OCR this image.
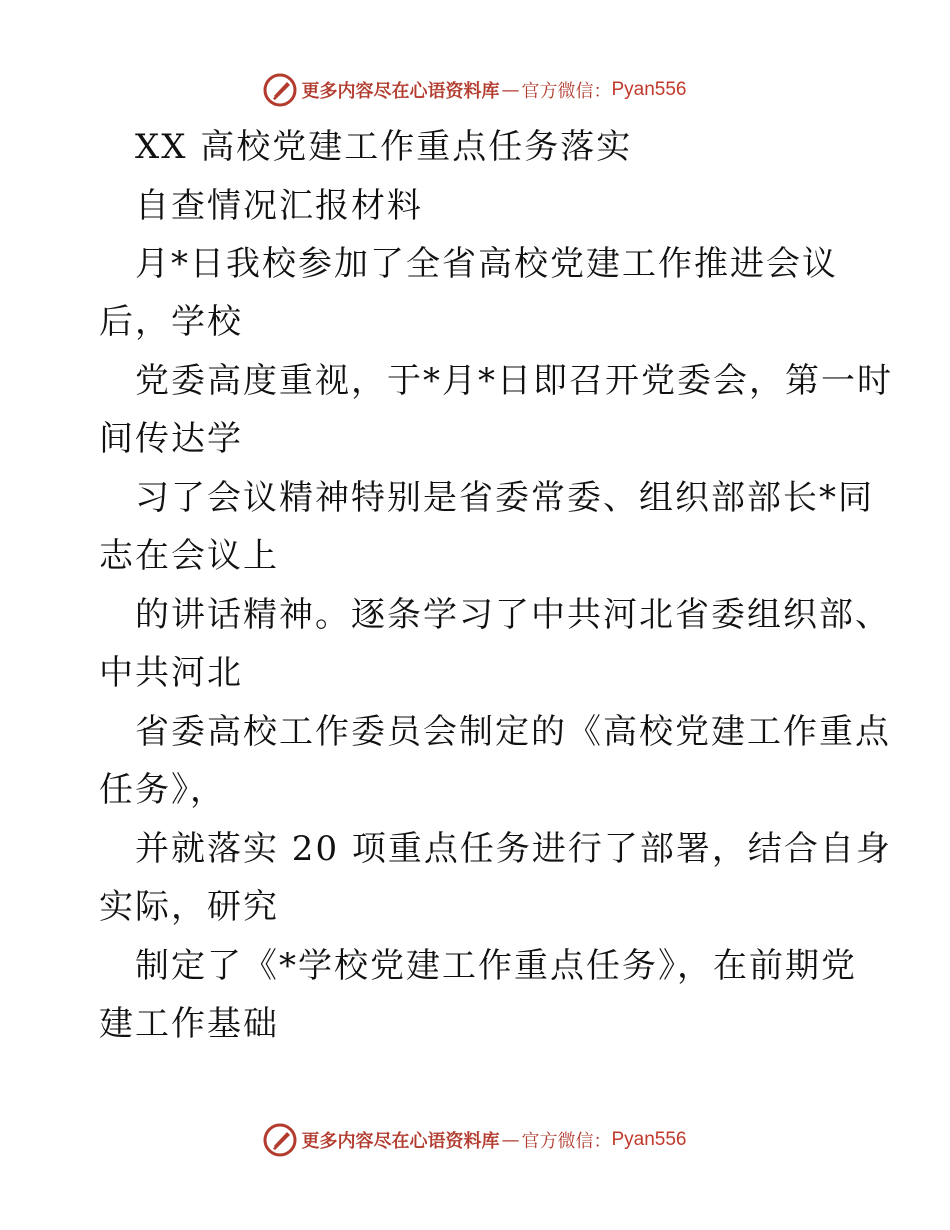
更多内容尽在心语资料库 — 官方微信： Pyan556
XX 高校党建工作重点任务落实
自查情况汇报材料
月*日我校参加了全省高校党建工作推进会议
后，学校
党委高度重视，于*月*日即召开党委会，第一时
间传达学
习了会议精神特别是省委常委、组织部部长*同
志在会议上
的讲话精神。逐条学习了中共河北省委组织部、
中共河北
省委高校工作委员会制定的《高校党建工作重点
任务》，
并就落实 20 项重点任务进行了部署，结合自身
实际，研究
制定了《*学校党建工作重点任务》，在前期党
建工作基础
更多内容尽在心语资料库 — 官方微信： Pyan556
